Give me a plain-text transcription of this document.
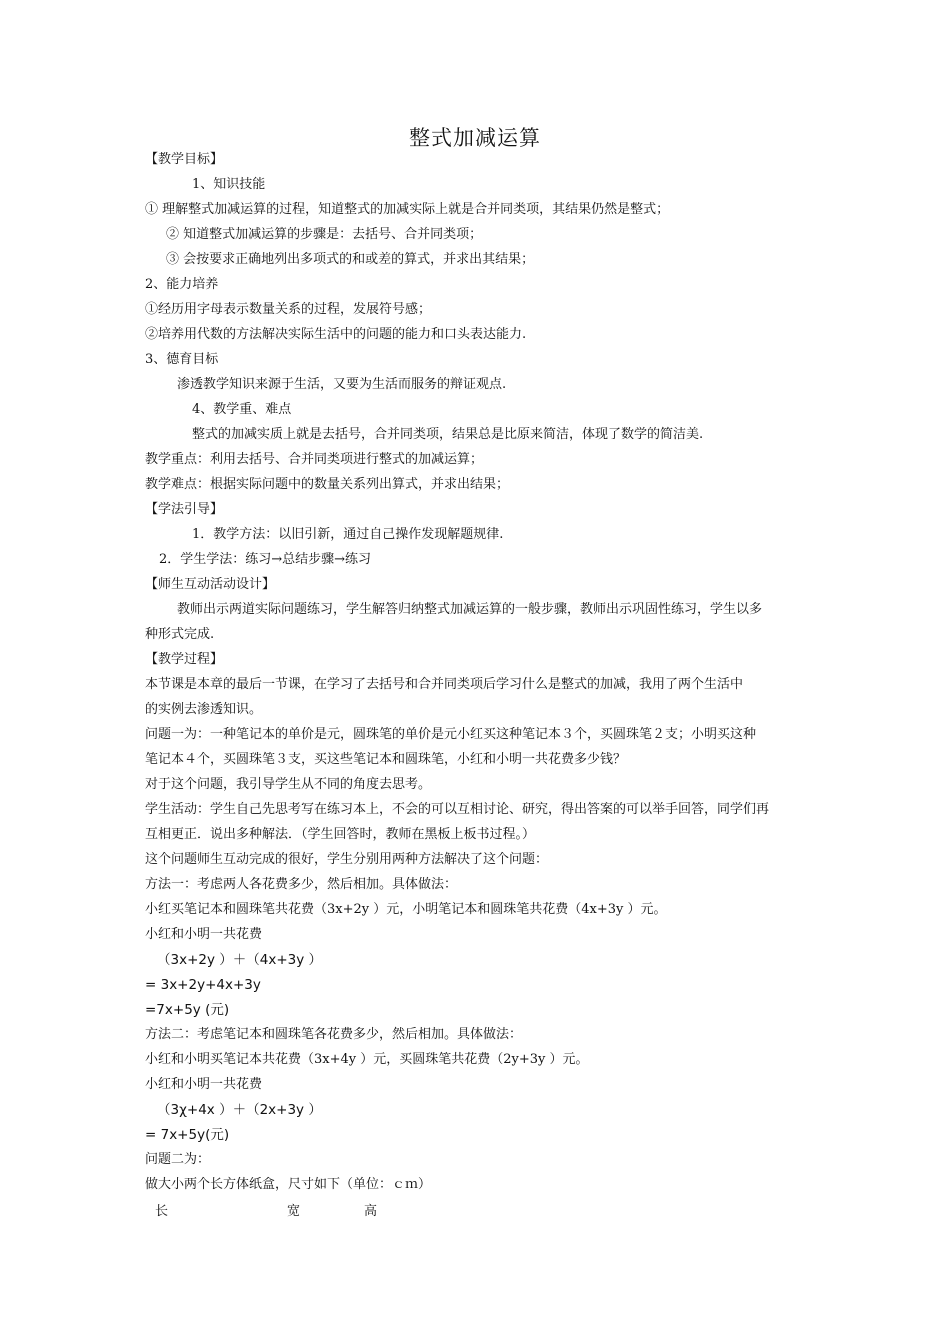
整式加减运算
【教学目标】
1、知识技能
① 理解整式加减运算的过程，知道整式的加减实际上就是合并同类项，其结果仍然是整式；
② 知道整式加减运算的步骤是：去括号、合并同类项；
③ 会按要求正确地列出多项式的和或差的算式，并求出其结果；
2、能力培养
①经历用字母表示数量关系的过程，发展符号感；
②培养用代数的方法解决实际生活中的问题的能力和口头表达能力.
3、德育目标
渗透教学知识来源于生活，又要为生活而服务的辩证观点.
4、教学重、难点
整式的加减实质上就是去括号，合并同类项，结果总是比原来简洁，体现了数学的简洁美.
教学重点：利用去括号、合并同类项进行整式的加减运算；
教学难点：根据实际问题中的数量关系列出算式，并求出结果；
【学法引导】
1．教学方法：以旧引新，通过自己操作发现解题规律.
2．学生学法：练习→总结步骤→练习
【师生互动活动设计】
教师出示两道实际问题练习，学生解答归纳整式加减运算的一般步骤，教师出示巩固性练习，学生以多
种形式完成.
【教学过程】
本节课是本章的最后一节课，在学习了去括号和合并同类项后学习什么是整式的加减，我用了两个生活中
的实例去渗透知识。
问题一为：一种笔记本的单价是元，圆珠笔的单价是元小红买这种笔记本３个，买圆珠笔２支；小明买这种
笔记本４个，买圆珠笔３支，买这些笔记本和圆珠笔，小红和小明一共花费多少钱？
对于这个问题，我引导学生从不同的角度去思考。
学生活动：学生自己先思考写在练习本上，不会的可以互相讨论、研究，得出答案的可以举手回答，同学们再
互相更正．说出多种解法．（学生回答时，教师在黑板上板书过程。）
这个问题师生互动完成的很好，学生分别用两种方法解决了这个问题：
方法一：考虑两人各花费多少，然后相加。具体做法：
小红买笔记本和圆珠笔共花费（3x+2y ）元，小明笔记本和圆珠笔共花费（4x+3y ）元。
小红和小明一共花费
（3x+2y ）＋（4x+3y ）
= 3x+2y+4x+3y
=7x+5y (元)
方法二：考虑笔记本和圆珠笔各花费多少，然后相加。具体做法：
小红和小明买笔记本共花费（3x+4y ）元，买圆珠笔共花费（2y+3y ）元。
小红和小明一共花费
（3χ+4x ）＋（2x+3y ）
= 7x+5y(元)
问题二为：
做大小两个长方体纸盒，尺寸如下（单位：ｃｍ）
长	宽	高
